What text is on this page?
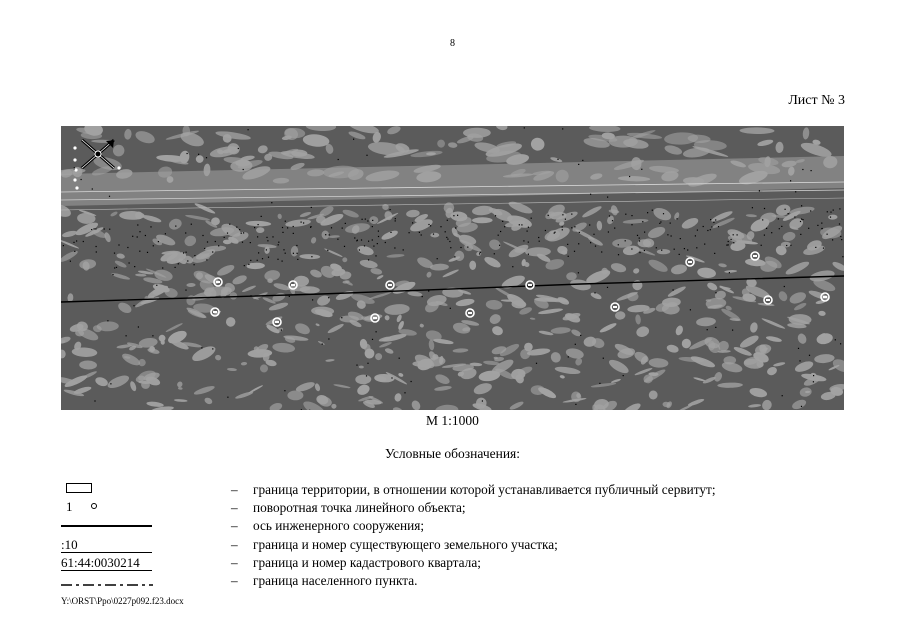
8
Лист № 3
М 1:1000
Условные обозначения:
1
:10
61:44:0030214
– граница территории, в отношении которой устанавливается публичный сервитут;
– поворотная точка линейного объекта;
– ось инженерного сооружения;
– граница и номер существующего земельного участка;
– граница и номер кадастрового квартала;
– граница населенного пункта.
Y:\ORST\Ppo\0227p092.f23.docx
